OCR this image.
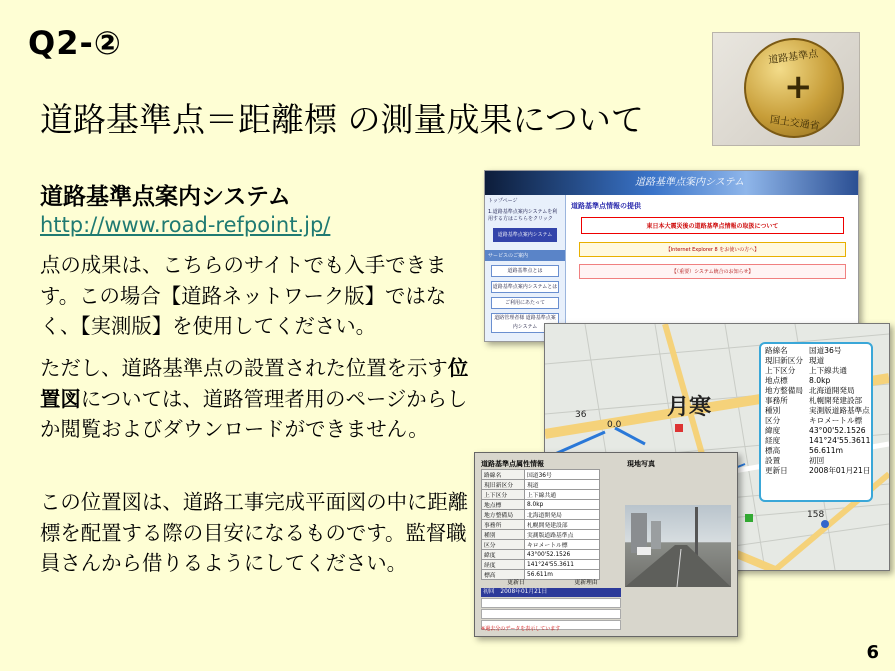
Q2-②
道路基準点＝距離標 の測量成果について
道路基準点
+
国土交通省
道路基準点案内システム
http://www.road-refpoint.jp/
点の成果は、こちらのサイトでも入手できます。この場合【道路ネットワーク版】ではなく、【実測版】を使用してください。
ただし、道路基準点の設置された位置を示す位置図については、道路管理者用のページからしか閲覧およびダウンロードができません。
この位置図は、道路工事完成平面図の中に距離標を配置する際の目安になるものです。監督職員さんから借りるようにしてください。
道路基準点案内システム
トップページ
1.道路基準点案内システムを利用する方はこちらをクリック
道路基準点案内システム
サービスのご案内
道路基準点とは
道路基準点案内システムとは
ご利用にあたって
道路管理者様 道路基準点案内システム
道路基準点情報の提供
東日本大震災後の道路基準点情報の取扱について
【Internet Explorer 8 をお使いの方へ】
【（重要）システム統合のお知らせ】
月寒
36
0.0
158
路線名	国道36号
現旧新区分 現道
上下区分	上下線共通
地点標	8.0kp
地方整備局 北海道開発局
事務所	札幌開発建設部
種別	実測版道路基準点
区分	キロメートル標
緯度	43°00'52.1526
経度	141°24'55.3611
標高	56.611m
設置	初回
更新日	2008年01月21日
道路基準点属性情報	現地写真
路線名	国道36号
現旧新区分	現道
上下区分	上下線共通
地点標	8.0kp
地方整備局	北海道開発局
事務所	札幌開発建設部
種別	実測版道路基準点
区分	キロメートル標
緯度	43°00'52.1526
経度	141°24'55.3611
標高	56.611m
更新日	更新理由
初回　2008年01月21日
※過去分のデータを表示しています
6
